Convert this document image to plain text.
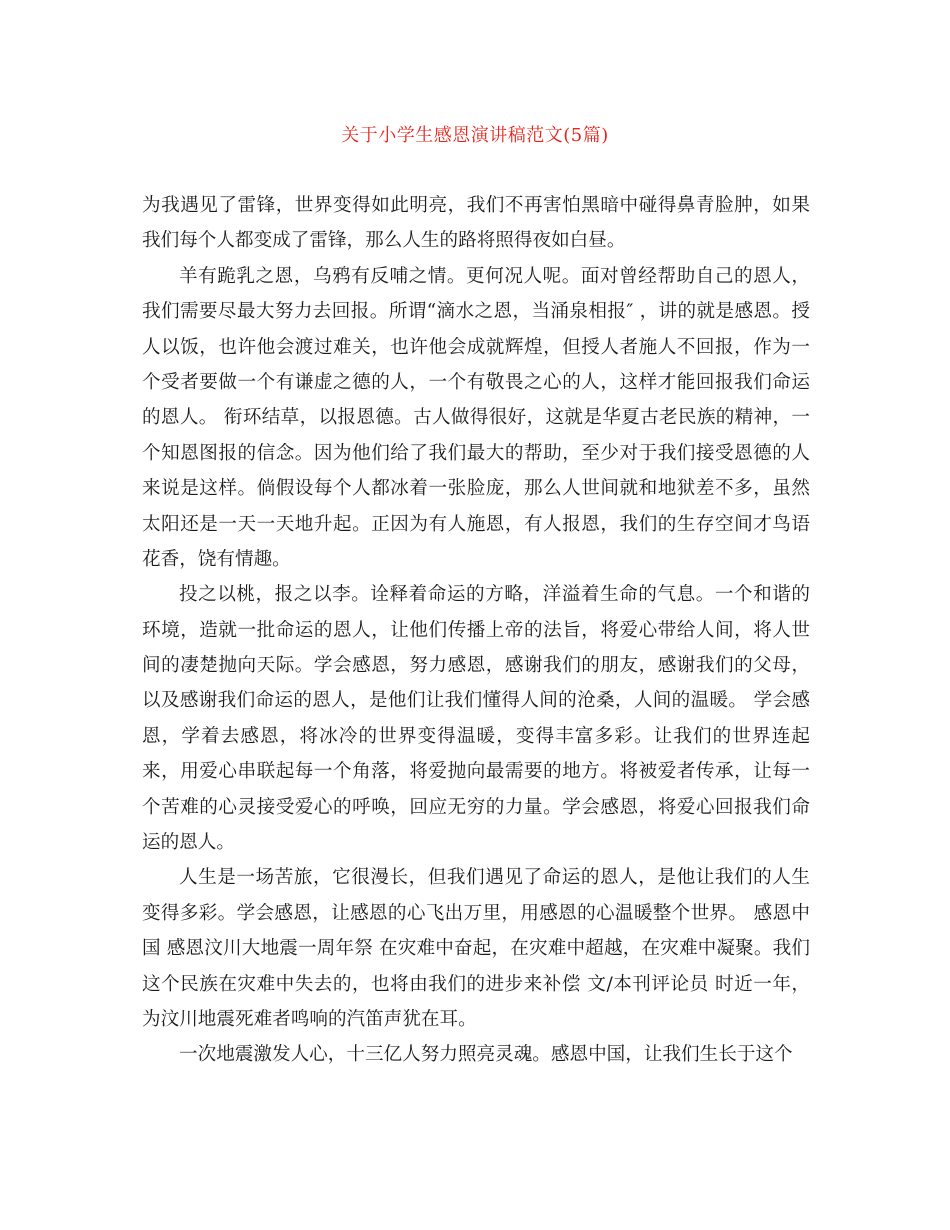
关于小学生感恩演讲稿范文(5篇)
为我遇见了雷锋，世界变得如此明亮，我们不再害怕黑暗中碰得鼻青脸肿，如果
我们每个人都变成了雷锋，那么人生的路将照得夜如白昼。
羊有跪乳之恩，乌鸦有反哺之情。更何况人呢。面对曾经帮助自己的恩人，
我们需要尽最大努力去回报。所谓“滴水之恩，当涌泉相报″ ，讲的就是感恩。授
人以饭，也许他会渡过难关，也许他会成就辉煌，但授人者施人不回报，作为一
个受者要做一个有谦虚之德的人，一个有敬畏之心的人，这样才能回报我们命运
的恩人。 衔环结草，以报恩德。古人做得很好，这就是华夏古老民族的精神，一
个知恩图报的信念。因为他们给了我们最大的帮助，至少对于我们接受恩德的人
来说是这样。倘假设每个人都冰着一张脸庞，那么人世间就和地狱差不多，虽然
太阳还是一天一天地升起。正因为有人施恩，有人报恩，我们的生存空间才鸟语
花香，饶有情趣。
投之以桃，报之以李。诠释着命运的方略，洋溢着生命的气息。一个和谐的
环境，造就一批命运的恩人，让他们传播上帝的法旨，将爱心带给人间，将人世
间的凄楚抛向天际。学会感恩，努力感恩，感谢我们的朋友，感谢我们的父母，
以及感谢我们命运的恩人，是他们让我们懂得人间的沧桑，人间的温暖。 学会感
恩，学着去感恩，将冰冷的世界变得温暖，变得丰富多彩。让我们的世界连起
来，用爱心串联起每一个角落，将爱抛向最需要的地方。将被爱者传承，让每一
个苦难的心灵接受爱心的呼唤，回应无穷的力量。学会感恩，将爱心回报我们命
运的恩人。
人生是一场苦旅，它很漫长，但我们遇见了命运的恩人，是他让我们的人生
变得多彩。学会感恩，让感恩的心飞出万里，用感恩的心温暖整个世界。 感恩中
国 感恩汶川大地震一周年祭 在灾难中奋起，在灾难中超越，在灾难中凝聚。我们
这个民族在灾难中失去的，也将由我们的进步来补偿 文/本刊评论员 时近一年，
为汶川地震死难者鸣响的汽笛声犹在耳。
一次地震激发人心，十三亿人努力照亮灵魂。感恩中国，让我们生长于这个
